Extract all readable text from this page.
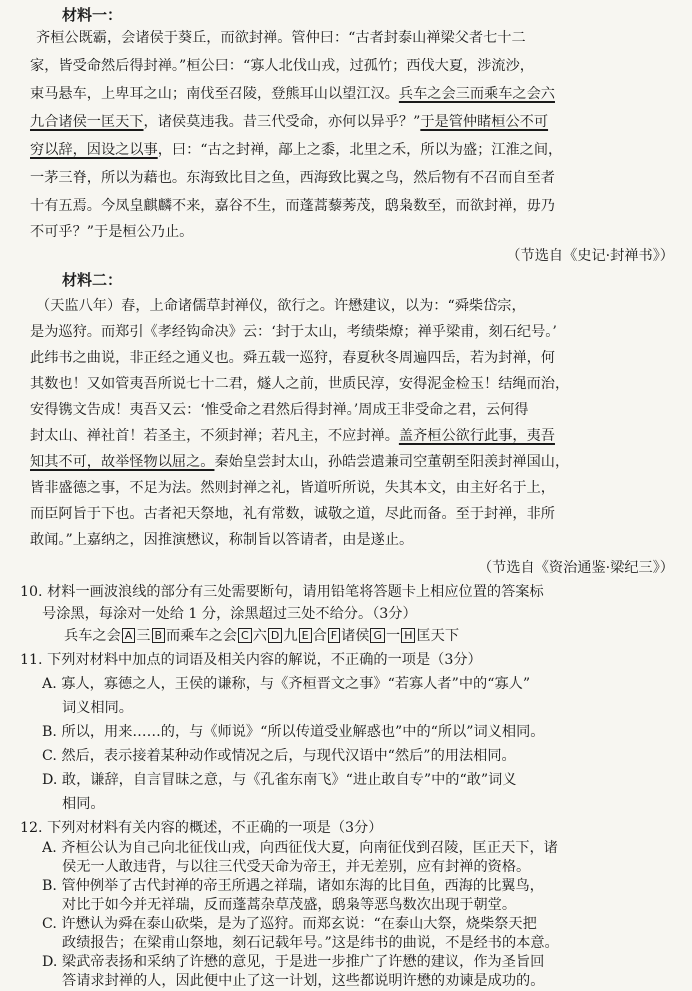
材料一：
齐桓公既霸，会诸侯于葵丘，而欲封禅。管仲曰：“古者封泰山禅梁父者七十二
家，皆受命然后得封禅。”桓公曰：“寡人北伐山戎，过孤竹；西伐大夏，涉流沙，
束马悬车，上卑耳之山；南伐至召陵，登熊耳山以望江汉。兵车之会三而乘车之会六
九合诸侯一匡天下，诸侯莫违我。昔三代受命，亦何以异乎？”于是管仲睹桓公不可
穷以辞，因设之以事，曰：“古之封禅，鄗上之黍，北里之禾，所以为盛；江淮之间，
一茅三脊，所以为藉也。东海致比目之鱼，西海致比翼之鸟，然后物有不召而自至者
十有五焉。今凤皇麒麟不来，嘉谷不生，而蓬蒿藜莠茂，鸱枭数至，而欲封禅，毋乃
不可乎？”于是桓公乃止。
（节选自《史记·封禅书》）
材料二：
（天监八年）春，上命诸儒草封禅仪，欲行之。许懋建议，以为：“舜柴岱宗，
是为巡狩。而郑引《孝经钩命决》云：‘封于太山，考绩柴燎；禅乎梁甫，刻石纪号。’
此纬书之曲说，非正经之通义也。舜五载一巡狩，春夏秋冬周遍四岳，若为封禅，何
其数也！又如管夷吾所说七十二君，燧人之前，世质民淳，安得泥金检玉！结绳而治，
安得镌文告成！夷吾又云：‘惟受命之君然后得封禅。’周成王非受命之君，云何得
封太山、禅社首！若圣主，不须封禅；若凡主，不应封禅。盖齐桓公欲行此事，夷吾
知其不可，故举怪物以屈之。秦始皇尝封太山，孙皓尝遣兼司空董朝至阳羡封禅国山，
皆非盛德之事，不足为法。然则封禅之礼，皆道听所说，失其本文，由主好名于上，
而臣阿旨于下也。古者祀天祭地，礼有常数，诚敬之道，尽此而备。至于封禅，非所
敢闻。”上嘉纳之，因推演懋议，称制旨以答请者，由是遂止。
（节选自《资治通鉴·梁纪三》）
10. 材料一画波浪线的部分有三处需要断句，请用铅笔将答题卡上相应位置的答案标
号涂黑，每涂对一处给 1 分，涂黑超过三处不给分。（3分）
兵车之会 A 三 B 而乘车之会 C 六 D 九 E 合 F 诸侯 G 一 H 匡天下
11. 下列对材料中加点的词语及相关内容的解说，不正确的一项是（3分）
A. 寡人，寡德之人，王侯的谦称，与《齐桓晋文之事》“若寡人者”中的“寡人”
词义相同。
B. 所以，用来……的，与《师说》“所以传道受业解惑也”中的“所以”词义相同。
C. 然后，表示接着某种动作或情况之后，与现代汉语中“然后”的用法相同。
D. 敢，谦辞，自言冒昧之意，与《孔雀东南飞》“进止敢自专”中的“敢”词义
相同。
12. 下列对材料有关内容的概述，不正确的一项是（3分）
A. 齐桓公认为自己向北征伐山戎，向西征伐大夏，向南征伐到召陵，匡正天下，诸
侯无一人敢违背，与以往三代受天命为帝王，并无差别，应有封禅的资格。
B. 管仲例举了古代封禅的帝王所遇之祥瑞，诸如东海的比目鱼，西海的比翼鸟，
对比于如今并无祥瑞，反而蓬蒿杂草茂盛，鸱枭等恶鸟数次出现于朝堂。
C. 许懋认为舜在泰山砍柴，是为了巡狩。而郑玄说：“在泰山大祭，烧柴祭天把
政绩报告；在梁甫山祭地，刻石记载年号。”这是纬书的曲说，不是经书的本意。
D. 梁武帝表扬和采纳了许懋的意见，于是进一步推广了许懋的建议，作为圣旨回
答请求封禅的人，因此便中止了这一计划，这些都说明许懋的劝谏是成功的。
